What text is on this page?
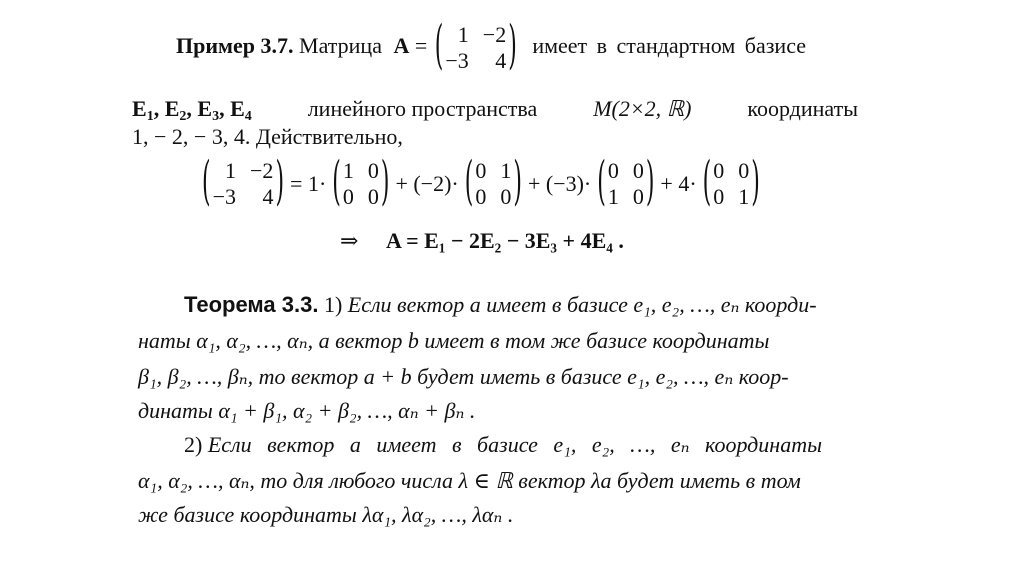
Пример 3.7. Матрица A = ( 1 −2
−3	4 ) имеет в стандартном базисе
$E_1$, $E_2$, $E_3$, $E_4$	линейного пространства	M(2×2, ℝ)	координаты
1, − 2, − 3, 4. Действительно,
( 1 −2
−3	4 ) = 1· ( 1 0
0 0 ) + (−2)· ( 0 1
0 0 ) + (−3)· ( 0 0
1 0 ) + 4· ( 0 0
0 1 )
⇒ A = E₁ − 2E₂ − 3E₃ + 4E₄ .
Теорема 3.3. 1) Если вектор a имеет в базисе e₁, e₂, …, eₙ коорди-
наты α₁, α₂, …, αₙ, а вектор b имеет в том же базисе координаты
β₁, β₂, …, βₙ, то вектор a + b будет иметь в базисе e₁, e₂, …, eₙ коор-
динаты α₁ + β₁, α₂ + β₂, …, αₙ + βₙ .
2) Если вектор a имеет в базисе e₁, e₂, …, eₙ координаты
α₁, α₂, …, αₙ, то для любого числа λ ∈ ℝ вектор λa будет иметь в том
же базисе координаты λα₁, λα₂, …, λαₙ .
